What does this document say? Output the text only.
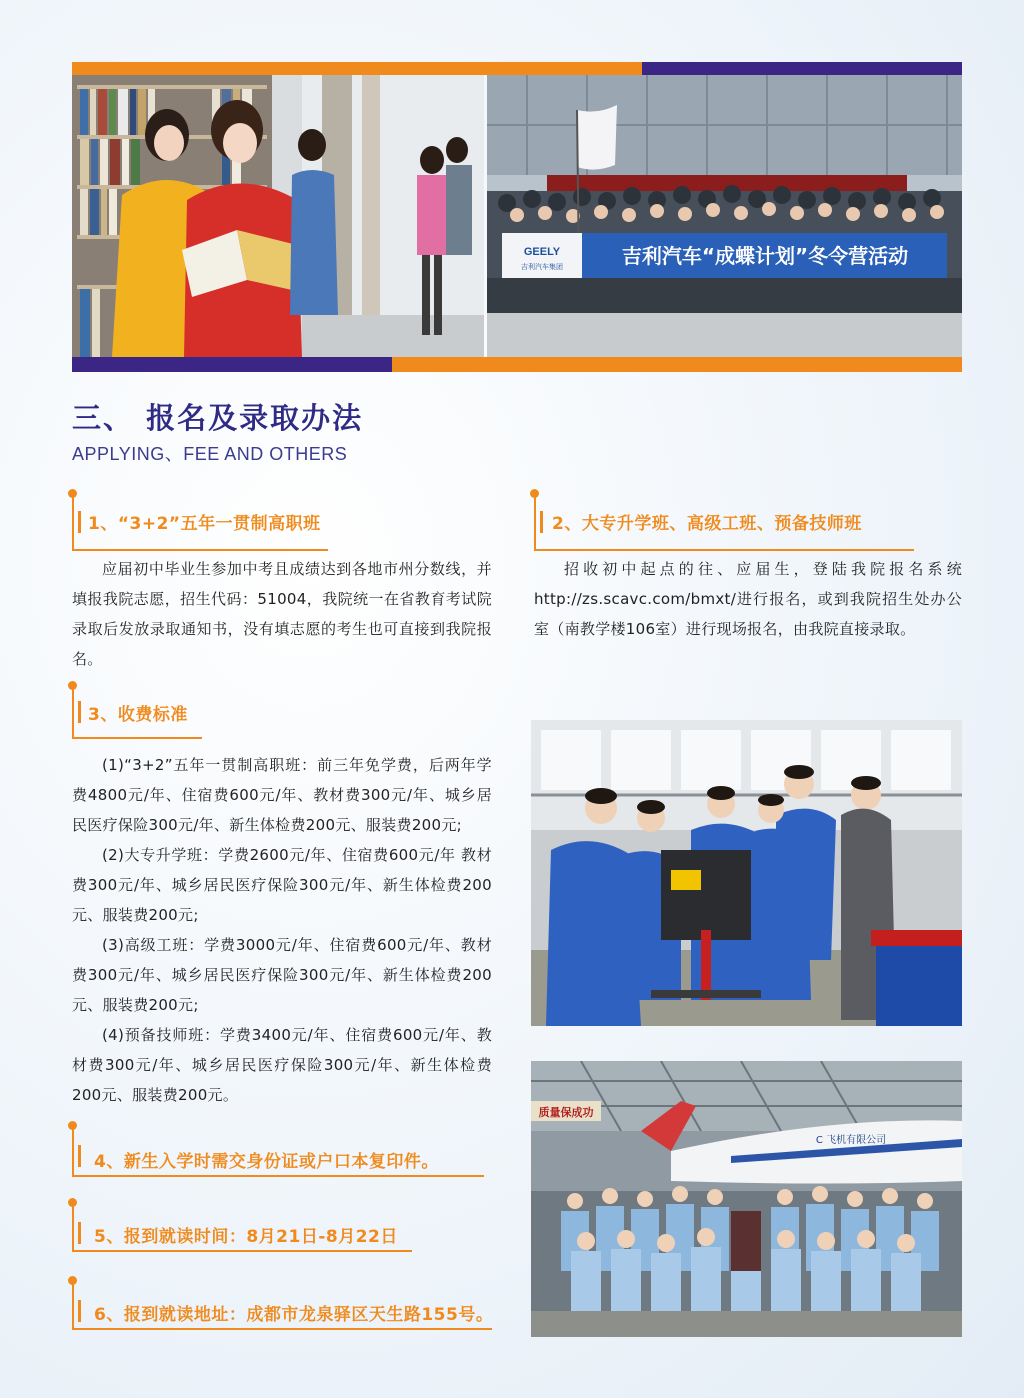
吉利汽车“成蝶计划”冬令营活动
GEELY
吉利汽车集团
三、 报名及录取办法
APPLYING、FEE AND OTHERS
1、“3+2”五年一贯制高职班

应届初中毕业生参加中考且成绩达到各地市州分数线，并填报我院志愿，招生代码：51004，我院统一在省教育考试院录取后发放录取通知书，没有填志愿的考生也可直接到我院报名。

2、大专升学班、高级工班、预备技师班

招收初中起点的往、应届生，登陆我院报名系统http://zs.scavc.com/bmxt/进行报名，或到我院招生处办公室（南教学楼106室）进行现场报名，由我院直接录取。

3、收费标准

(1)“3+2”五年一贯制高职班：前三年免学费，后两年学费4800元/年、住宿费600元/年、教材费300元/年、城乡居民医疗保险300元/年、新生体检费200元、服装费200元;

(2)大专升学班：学费2600元/年、住宿费600元/年 教材费300元/年、城乡居民医疗保险300元/年、新生体检费200元、服装费200元;

(3)高级工班：学费3000元/年、住宿费600元/年、教材费300元/年、城乡居民医疗保险300元/年、新生体检费200元、服装费200元;

(4)预备技师班：学费3400元/年、住宿费600元/年、教材费300元/年、城乡居民医疗保险300元/年、新生体检费200元、服装费200元。

4、新生入学时需交身份证或户口本复印件。
5、报到就读时间：8月21日-8月22日
6、报到就读地址：成都市龙泉驿区天生路155号。
质量保成功
C 飞机有限公司
